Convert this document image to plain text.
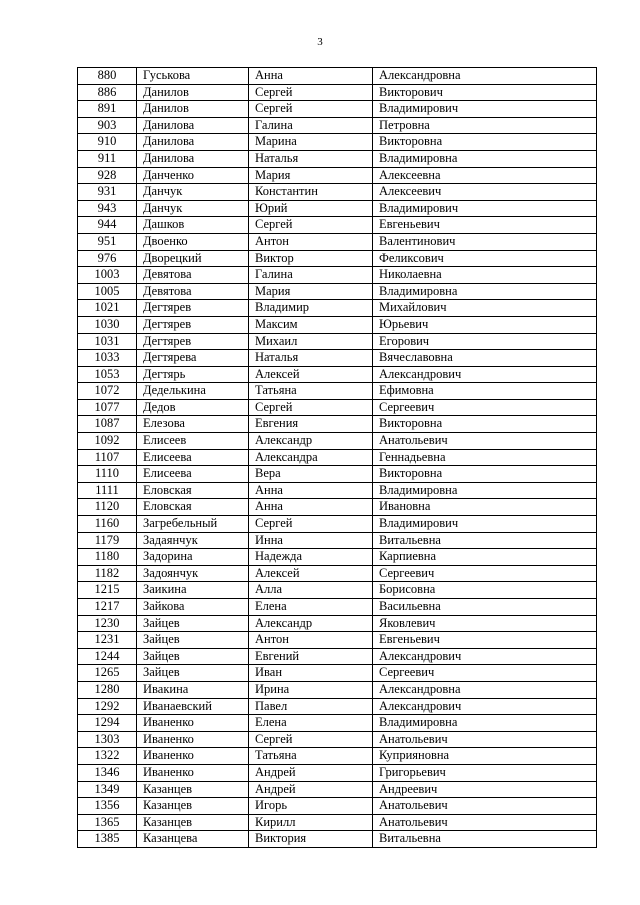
3
880	Гуськова	Анна	Александровна
886	Данилов	Сергей	Викторович
891	Данилов	Сергей	Владимирович
903	Данилова	Галина	Петровна
910	Данилова	Марина	Викторовна
911	Данилова	Наталья	Владимировна
928	Данченко	Мария	Алексеевна
931	Данчук	Константин	Алексеевич
943	Данчук	Юрий	Владимирович
944	Дашков	Сергей	Евгеньевич
951	Двоенко	Антон	Валентинович
976	Дворецкий	Виктор	Феликсович
1003	Девятова	Галина	Николаевна
1005	Девятова	Мария	Владимировна
1021	Дегтярев	Владимир	Михайлович
1030	Дегтярев	Максим	Юрьевич
1031	Дегтярев	Михаил	Егорович
1033	Дегтярева	Наталья	Вячеславовна
1053	Дегтярь	Алексей	Александрович
1072	Деделькина	Татьяна	Ефимовна
1077	Дедов	Сергей	Сергеевич
1087	Елезова	Евгения	Викторовна
1092	Елисеев	Александр	Анатольевич
1107	Елисеева	Александра	Геннадьевна
1110	Елисеева	Вера	Викторовна
1111	Еловская	Анна	Владимировна
1120	Еловская	Анна	Ивановна
1160	Загребельный	Сергей	Владимирович
1179	Задаянчук	Инна	Витальевна
1180	Задорина	Надежда	Карпиевна
1182	Задоянчук	Алексей	Сергеевич
1215	Заикина	Алла	Борисовна
1217	Зайкова	Елена	Васильевна
1230	Зайцев	Александр	Яковлевич
1231	Зайцев	Антон	Евгеньевич
1244	Зайцев	Евгений	Александрович
1265	Зайцев	Иван	Сергеевич
1280	Ивакина	Ирина	Александровна
1292	Иванаевский	Павел	Александрович
1294	Иваненко	Елена	Владимировна
1303	Иваненко	Сергей	Анатольевич
1322	Иваненко	Татьяна	Куприяновна
1346	Иваненко	Андрей	Григорьевич
1349	Казанцев	Андрей	Андреевич
1356	Казанцев	Игорь	Анатольевич
1365	Казанцев	Кирилл	Анатольевич
1385	Казанцева	Виктория	Витальевна
